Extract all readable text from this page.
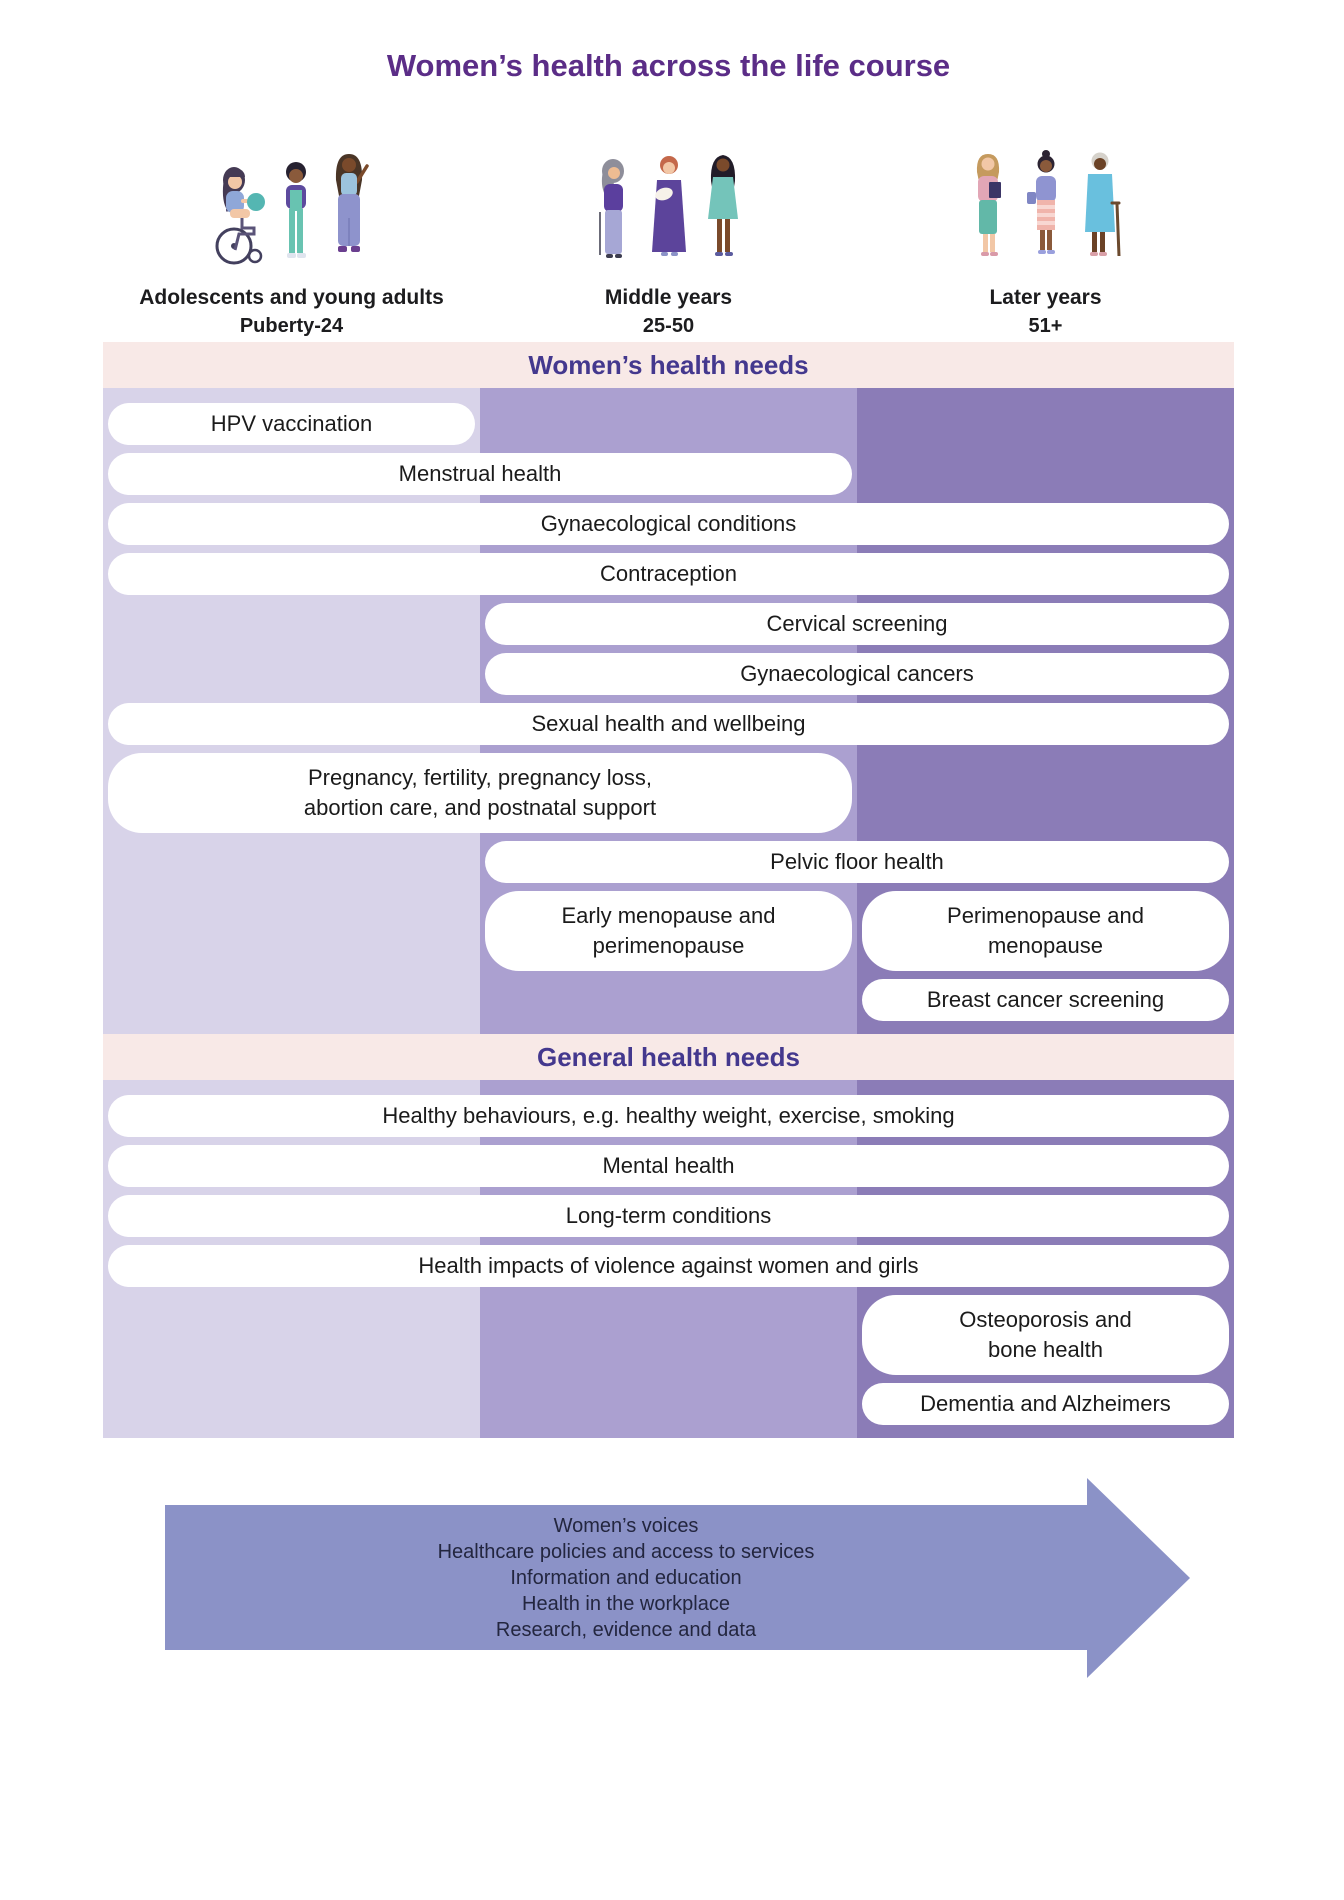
Women’s health across the life course
Adolescents and young adults
Puberty-24
Middle years
25-50
Later years
51+
Women’s health needs
HPV vaccination
Menstrual health
Gynaecological conditions
Contraception
Cervical screening
Gynaecological cancers
Sexual health and wellbeing
Pregnancy, fertility, pregnancy loss,
abortion care, and postnatal support
Pelvic floor health
Early menopause and
perimenopause
Perimenopause and
menopause
Breast cancer screening
General health needs
Healthy behaviours, e.g. healthy weight, exercise, smoking
Mental health
Long-term conditions
Health impacts of violence against women and girls
Osteoporosis and
bone health
Dementia and Alzheimers
Women’s voices
Healthcare policies and access to services
Information and education
Health in the workplace
Research, evidence and data
